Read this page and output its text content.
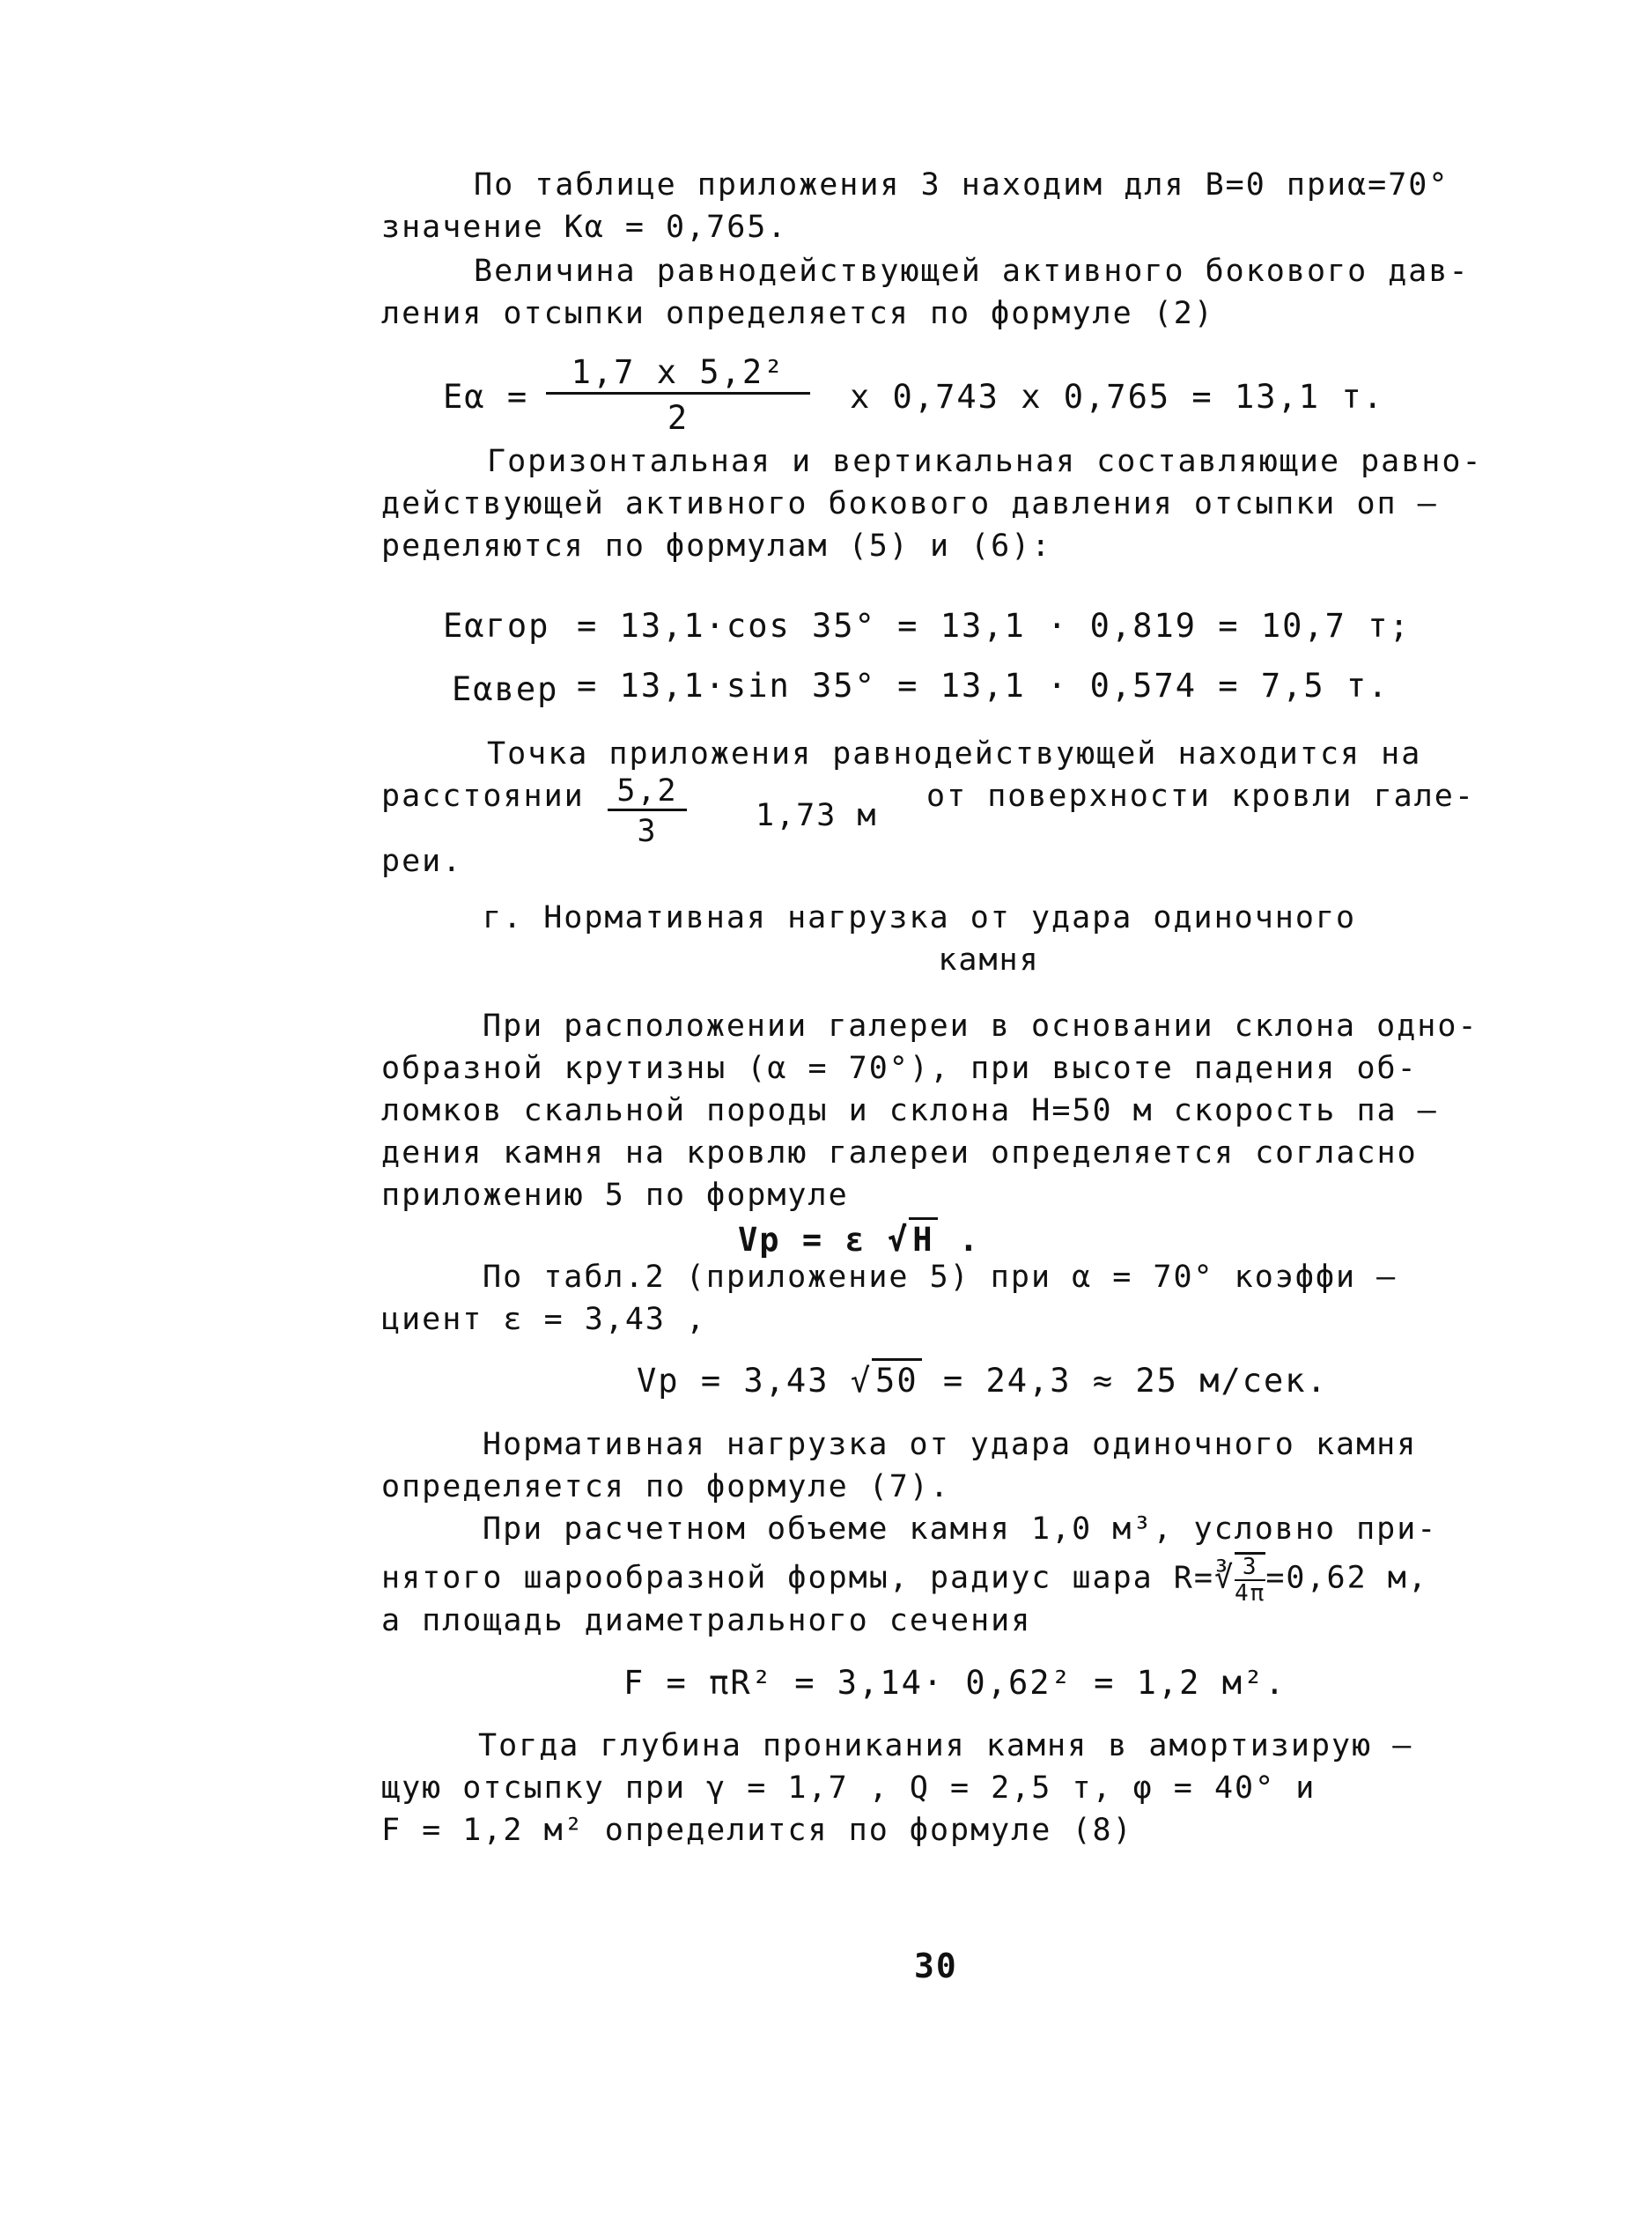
По таблице приложения 3 находим для В=0 приα=70°
значение Кα = 0,765.
Величина равнодействующей активного бокового дав-
ления отсыпки определяется по формуле (2)
Еα =
1,7 х 5,2²
2
х 0,743 х 0,765 = 13,1 т.
Горизонтальная и вертикальная составляющие равно-
действующей активного бокового давления отсыпки оп –
ределяются по формулам (5) и (6):
Еαгор = 13,1·cos 35° = 13,1 · 0,819 = 10,7 т;
Еαвер = 13,1·sin 35° = 13,1 · 0,574 = 7,5 т.
Точка приложения равнодействующей находится на
расстоянии 5,2
3	1,73 м
от поверхности кровли гале-
реи.
г. Нормативная нагрузка от удара одиночного
камня
При расположении галереи в основании склона одно-
образной крутизны (α = 70°), при высоте падения об-
ломков скальной породы и склона Н=50 м скорость па –
дения камня на кровлю галереи определяется согласно
приложению 5 по формуле
Vр = ε √ Н .
По табл.2 (приложение 5) при α = 70° коэффи –
циент ε = 3,43 ,
Vр = 3,43 √ 50 = 24,3 ≈ 25 м/сек.
Нормативная нагрузка от удара одиночного камня
определяется по формуле (7).
При расчетном объеме камня 1,0 м³, условно при-
нятого шарообразной формы, радиус шара R=∛ $\frac{3}{4\pi} =0,62$ м,
а площадь диаметрального сечения
F = πR² = 3,14· 0,62² = 1,2 м².
Тогда глубина проникания камня в амортизирую –
щую отсыпку при γ = 1,7 , Q = 2,5 т, φ = 40° и
F = 1,2 м² определится по формуле (8)
30
